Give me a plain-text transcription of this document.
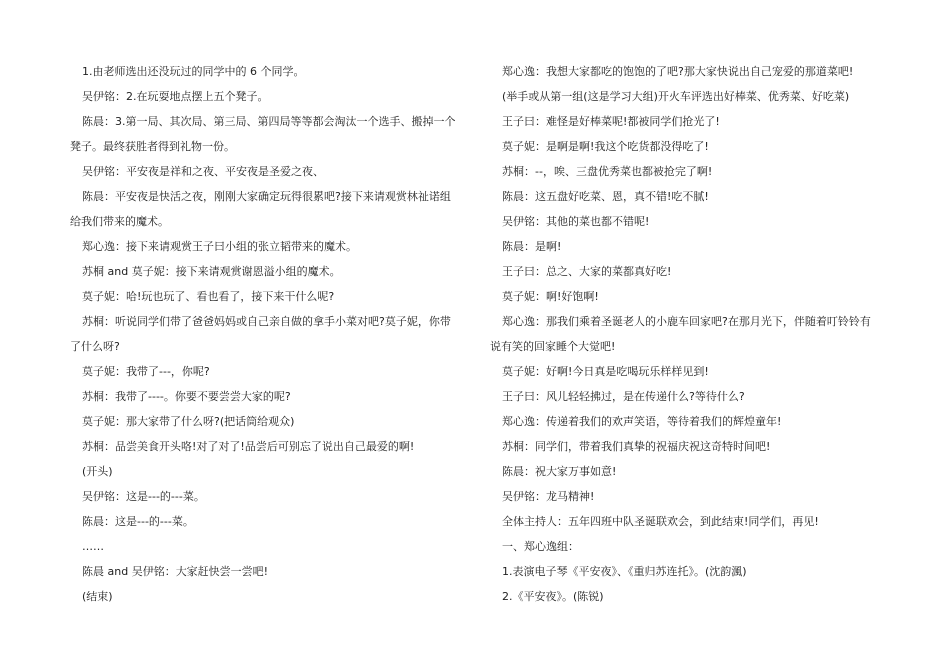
1.由老师选出还没玩过的同学中的 6 个同学。
吴伊铭：2.在玩耍地点摆上五个凳子。
陈晨：3.第一局、其次局、第三局、第四局等等都会淘汰一个选手、搬掉一个
凳子。最终获胜者得到礼物一份。
吴伊铭：平安夜是祥和之夜、平安夜是圣爱之夜、
陈晨：平安夜是快活之夜，刚刚大家确定玩得很累吧?接下来请观赏林祉诺组
给我们带来的魔术。
郑心逸：接下来请观赏王子曰小组的张立韬带来的魔术。
苏桐 and 莫子妮：接下来请观赏谢恩溢小组的魔术。
莫子妮：哈!玩也玩了、看也看了，接下来干什么呢?
苏桐：听说同学们带了爸爸妈妈或自己亲自做的拿手小菜对吧?莫子妮，你带
了什么呀?
莫子妮：我带了---，你呢?
苏桐：我带了----。你要不要尝尝大家的呢?
莫子妮：那大家带了什么呀?(把话筒给观众)
苏桐：品尝美食开头咯!对了对了!品尝后可别忘了说出自己最爱的啊!
(开头)
吴伊铭：这是---的---菜。
陈晨：这是---的---菜。
……
陈晨 and 吴伊铭：大家赶快尝一尝吧!
(结束)
郑心逸：我想大家都吃的饱饱的了吧?那大家快说出自己宠爱的那道菜吧!
(举手或从第一组(这是学习大组)开火车评选出好棒菜、优秀菜、好吃菜)
王子曰：难怪是好棒菜呢!都被同学们抢光了!
莫子妮：是啊是啊!我这个吃货都没得吃了!
苏桐：--，唉、三盘优秀菜也都被抢完了啊!
陈晨：这五盘好吃菜、恩，真不错!吃不腻!
吴伊铭：其他的菜也都不错呢!
陈晨：是啊!
王子曰：总之、大家的菜都真好吃!
莫子妮：啊!好饱啊!
郑心逸：那我们乘着圣诞老人的小鹿车回家吧?在那月光下，伴随着叮铃铃有
说有笑的回家睡个大觉吧!
莫子妮：好啊!今日真是吃喝玩乐样样见到!
王子曰：风儿轻轻拂过，是在传递什么?等待什么?
郑心逸：传递着我们的欢声笑语，等待着我们的辉煌童年!
苏桐：同学们，带着我们真挚的祝福庆祝这奇特时间吧!
陈晨：祝大家万事如意!
吴伊铭：龙马精神!
全体主持人：五年四班中队圣诞联欢会，到此结束!同学们，再见!
一、郑心逸组：
1.表演电子琴《平安夜》、《重归苏连托》。(沈韵渢)
2.《平安夜》。(陈锐)
